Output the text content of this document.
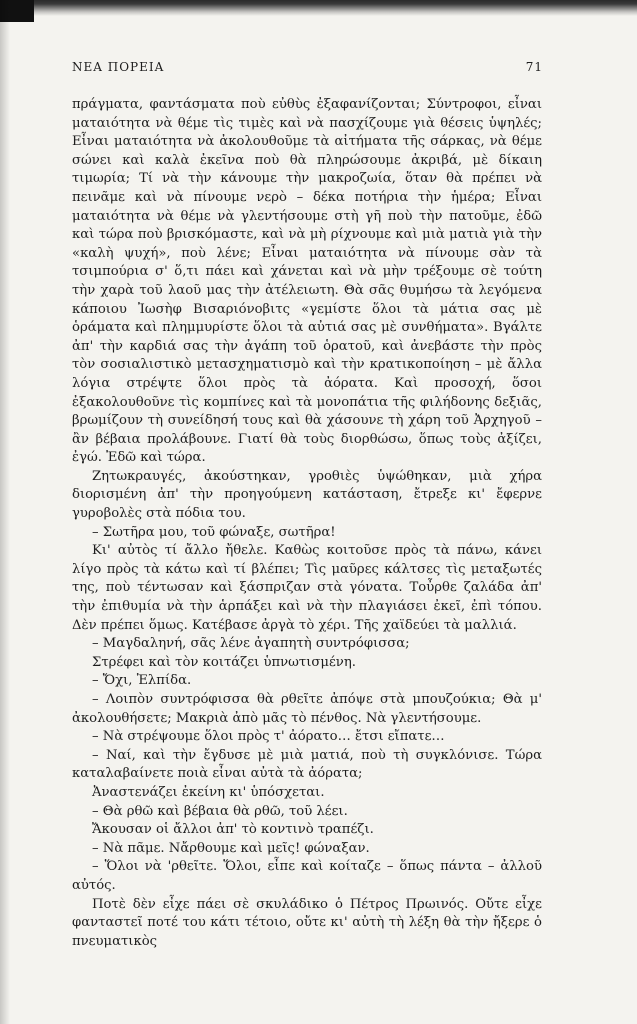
ΝΕΑ ΠΟΡΕΙΑ	71

πράγματα, φαντάσματα ποὺ εὐθὺς ἐξαφανίζονται; Σύντροφοι, εἶναι ματαιότητα νὰ θέμε τὶς τιμὲς καὶ νὰ πασχίζουμε γιὰ θέσεις ὑψηλές; Εἶναι ματαιότητα νὰ ἀκολουθοῦμε τὰ αἰτήματα τῆς σάρκας, νὰ θέμε σώνει καὶ καλὰ ἐκεῖνα ποὺ θὰ πληρώσουμε ἀκριβά, μὲ δίκαιη τιμωρία; Τί νὰ τὴν κάνουμε τὴν μακροζωία, ὅταν θὰ πρέπει νὰ πεινᾶμε καὶ νὰ πίνουμε νερὸ – δέκα ποτήρια τὴν ἡμέρα; Εἶναι ματαιότητα νὰ θέμε νὰ γλεντήσουμε στὴ γῆ ποὺ τὴν πατοῦμε, ἐδῶ καὶ τώρα ποὺ βρισκόμαστε, καὶ νὰ μὴ ρίχνουμε καὶ μιὰ ματιὰ γιὰ τὴν «καλὴ ψυχή», ποὺ λένε; Εἶναι ματαιότητα νὰ πίνουμε σὰν τὰ τσιμπούρια σ' ὅ,τι πάει καὶ χάνεται καὶ νὰ μὴν τρέξουμε σὲ τούτη τὴν χαρὰ τοῦ λαοῦ μας τὴν ἀτέλειωτη. Θὰ σᾶς θυμήσω τὰ λεγόμενα κάποιου Ἰωσὴφ Βισαριόνοβιτς «γεμίστε ὅλοι τὰ μάτια σας μὲ ὁράματα καὶ πλημμυρίστε ὅλοι τὰ αὐτιά σας μὲ συνθήματα». Βγάλτε ἀπ' τὴν καρδιά σας τὴν ἀγάπη τοῦ ὁρατοῦ, καὶ ἀνεβάστε τὴν πρὸς τὸν σοσιαλιστικὸ μετασχηματισμὸ καὶ τὴν κρατικοποίηση – μὲ ἄλλα λόγια στρέψτε ὅλοι πρὸς τὰ ἀόρατα. Καὶ προσοχή, ὅσοι ἐξακολουθοῦνε τὶς κομπίνες καὶ τὰ μονοπάτια τῆς φιλήδονης δεξιᾶς, βρωμίζουν τὴ συνείδησή τους καὶ θὰ χάσουνε τὴ χάρη τοῦ Ἀρχηγοῦ – ἂν βέβαια προλάβουνε. Γιατί θὰ τοὺς διορθώσω, ὅπως τοὺς ἀξίζει, ἐγώ. Ἐδῶ καὶ τώρα.

Ζητωκραυγές, ἀκούστηκαν, γροθιὲς ὑψώθηκαν, μιὰ χήρα διορισμένη ἀπ' τὴν προηγούμενη κατάσταση, ἔτρεξε κι' ἔφερνε γυροβολὲς στὰ πόδια του.

– Σωτῆρα μου, τοῦ φώναξε, σωτῆρα!

Κι' αὐτὸς τί ἄλλο ἤθελε. Καθὼς κοιτοῦσε πρὸς τὰ πάνω, κάνει λίγο πρὸς τὰ κάτω καὶ τί βλέπει; Τὶς μαῦρες κάλτσες τὶς μεταξωτές της, ποὺ τέντωσαν καὶ ξάσπριζαν στὰ γόνατα. Τοὖρθε ζαλάδα ἀπ' τὴν ἐπιθυμία νὰ τὴν ἁρπάξει καὶ νὰ τὴν πλαγιάσει ἐκεῖ, ἐπὶ τόπου. Δὲν πρέπει ὅμως. Κατέβασε ἀργὰ τὸ χέρι. Τῆς χαϊδεύει τὰ μαλλιά.

– Μαγδαληνή, σᾶς λένε ἀγαπητὴ συντρόφισσα;

Στρέφει καὶ τὸν κοιτάζει ὑπνωτισμένη.

– Ὄχι, Ἐλπίδα.

– Λοιπὸν συντρόφισσα θὰ ρθεῖτε ἀπόψε στὰ μπουζούκια; Θὰ μ' ἀκολουθήσετε; Μακριὰ ἀπὸ μᾶς τὸ πένθος. Νὰ γλεντήσουμε.

– Νὰ στρέψουμε ὅλοι πρὸς τ' ἀόρατο… ἔτσι εἴπατε…

– Ναί, καὶ τὴν ἔγδυσε μὲ μιὰ ματιά, ποὺ τὴ συγκλόνισε. Τώρα καταλαβαίνετε ποιὰ εἶναι αὐτὰ τὰ ἀόρατα;

Ἀναστενάζει ἐκείνη κι' ὑπόσχεται.

– Θὰ ρθῶ καὶ βέβαια θὰ ρθῶ, τοῦ λέει.

Ἄκουσαν οἱ ἄλλοι ἀπ' τὸ κοντινὸ τραπέζι.

– Νὰ πᾶμε. Νἄρθουμε καὶ μεῖς! φώναξαν.

– Ὅλοι νὰ 'ρθεῖτε. Ὅλοι, εἶπε καὶ κοίταζε – ὅπως πάντα – ἀλλοῦ αὐτός.

Ποτὲ δὲν εἶχε πάει σὲ σκυλάδικο ὁ Πέτρος Πρωινός. Οὔτε εἶχε φανταστεῖ ποτέ του κάτι τέτοιο, οὔτε κι' αὐτὴ τὴ λέξη θὰ τὴν ἤξερε ὁ πνευματικὸς
